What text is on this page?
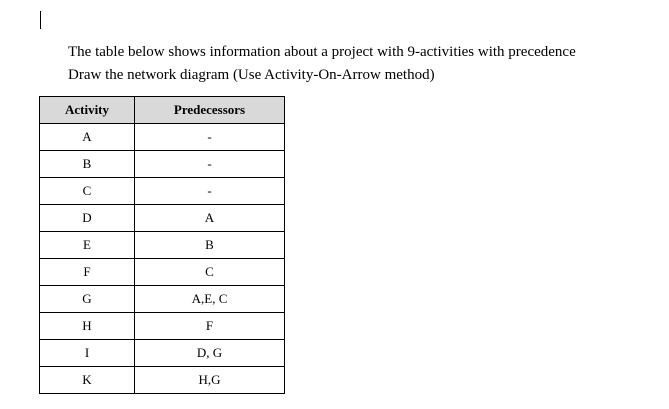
The table below shows information about a project with 9-activities with precedence

Draw the network diagram (Use Activity-On-Arrow method)

Activity	Predecessors
A	-
B	-
C	-
D	A
E	B
F	C
G	A,E, C
H	F
I	D, G
K	H,G
